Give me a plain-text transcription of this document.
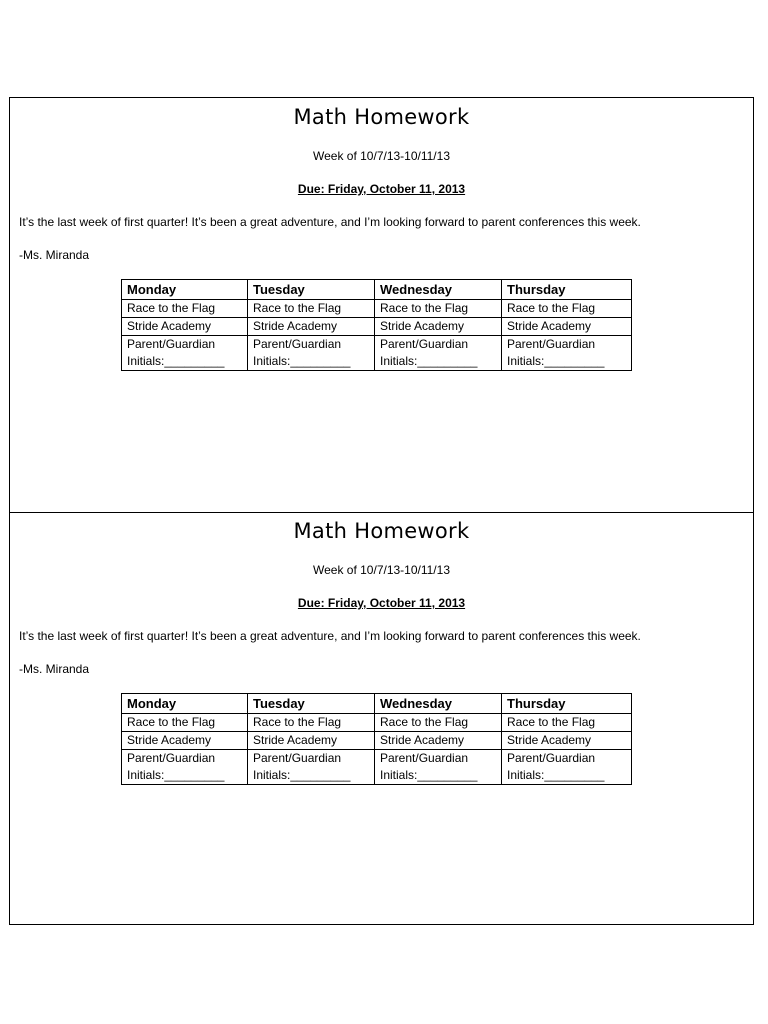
Math Homework
Week of 10/7/13-10/11/13
Due: Friday, October 11, 2013
It’s the last week of first quarter! It’s been a great adventure, and I’m looking forward to parent conferences this week.
-Ms. Miranda
Monday	Tuesday	Wednesday	Thursday
Race to the Flag	Race to the Flag	Race to the Flag	Race to the Flag
Stride Academy	Stride Academy	Stride Academy	Stride Academy
Parent/Guardian Initials:_________	Parent/Guardian Initials:_________	Parent/Guardian Initials:_________	Parent/Guardian Initials:_________
Math Homework
Week of 10/7/13-10/11/13
Due: Friday, October 11, 2013
It’s the last week of first quarter! It’s been a great adventure, and I’m looking forward to parent conferences this week.
-Ms. Miranda
Monday	Tuesday	Wednesday	Thursday
Race to the Flag	Race to the Flag	Race to the Flag	Race to the Flag
Stride Academy	Stride Academy	Stride Academy	Stride Academy
Parent/Guardian Initials:_________	Parent/Guardian Initials:_________	Parent/Guardian Initials:_________	Parent/Guardian Initials:_________
